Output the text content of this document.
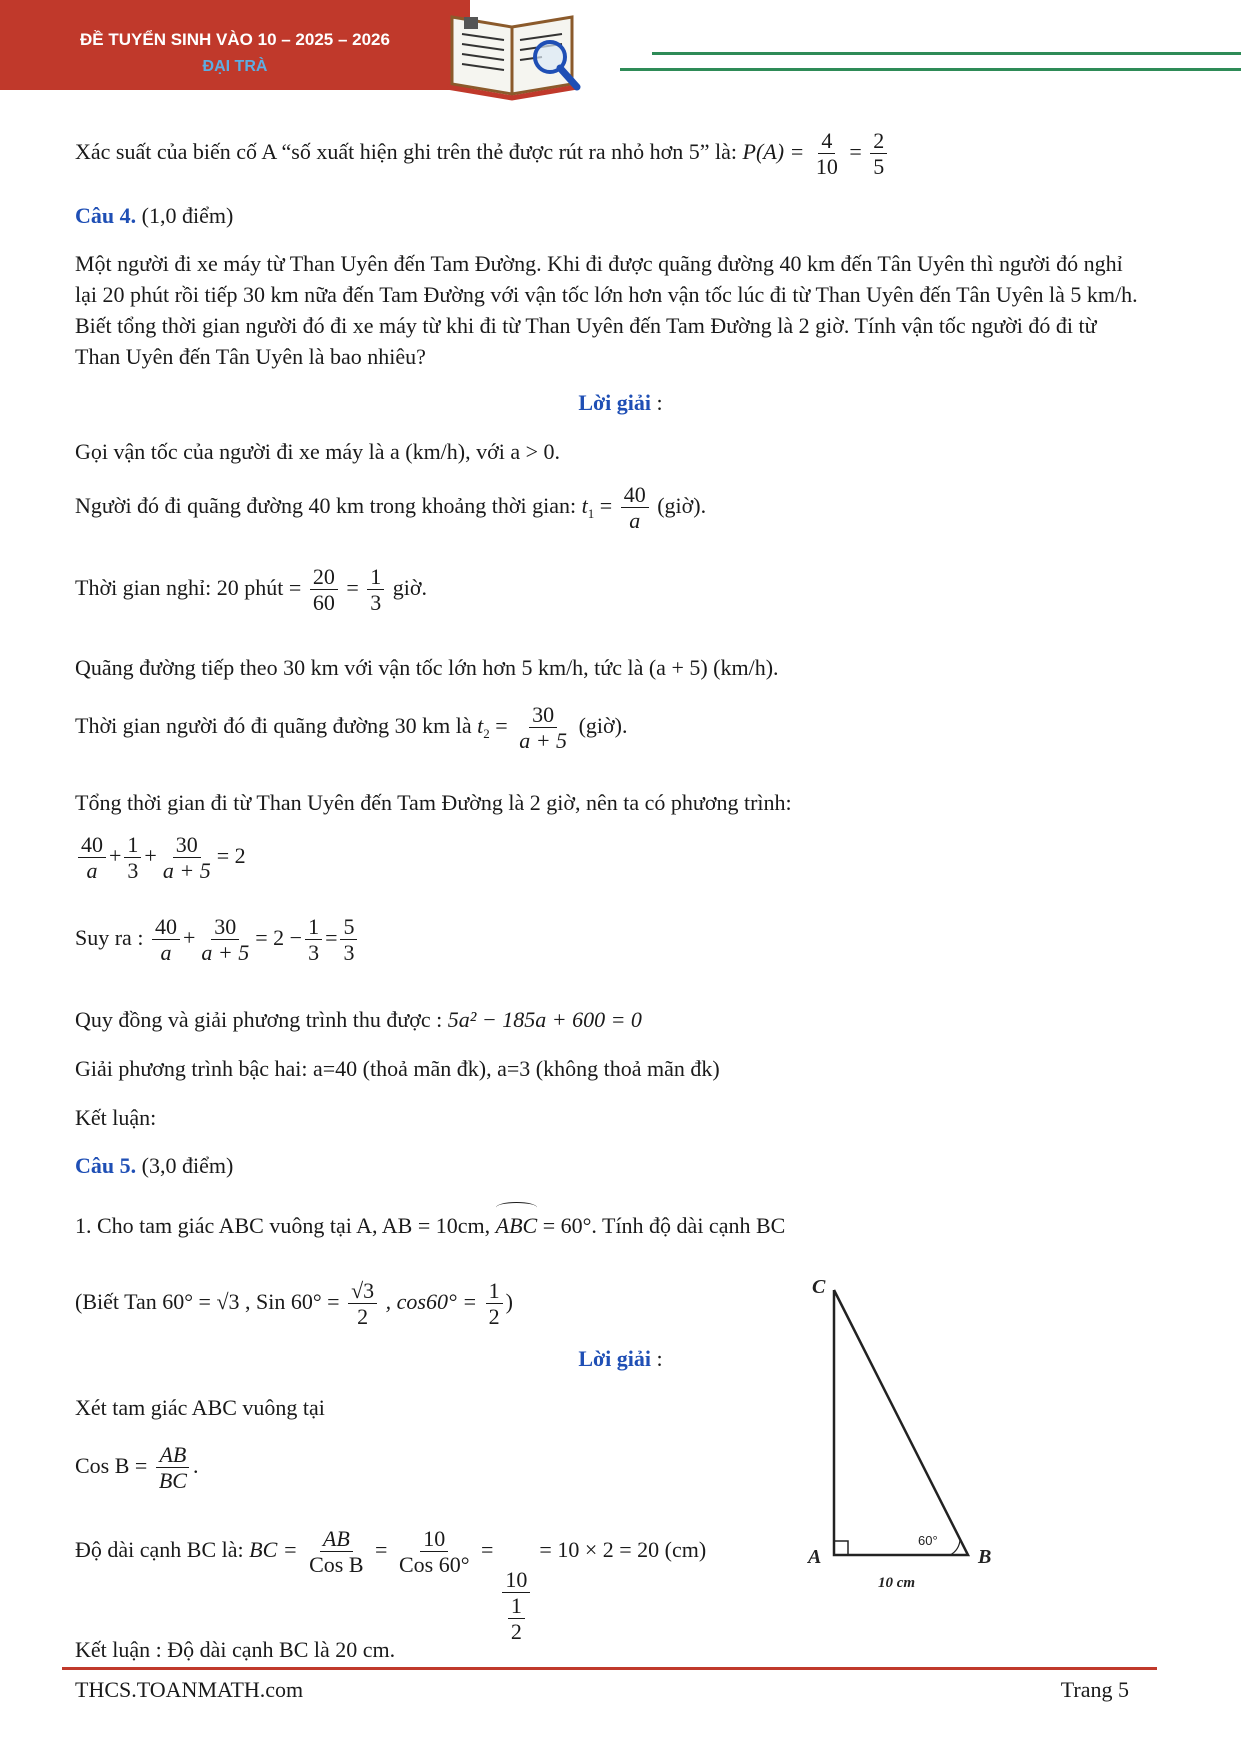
ĐỀ TUYỂN SINH VÀO 10 – 2025 – 2026
ĐẠI TRÀ
Xác suất của biến cố A “số xuất hiện ghi trên thẻ được rút ra nhỏ hơn 5” là: $P(A) = \frac{4}{10} = \frac{2}{5}$
Câu 4. (1,0 điểm)
Một người đi xe máy từ Than Uyên đến Tam Đường. Khi đi được quãng đường 40 km đến Tân Uyên thì người đó nghỉ lại 20 phút rồi tiếp 30 km nữa đến Tam Đường với vận tốc lớn hơn vận tốc lúc đi từ Than Uyên đến Tân Uyên là 5 km/h. Biết tổng thời gian người đó đi xe máy từ khi đi từ Than Uyên đến Tam Đường là 2 giờ. Tính vận tốc người đó đi từ Than Uyên đến Tân Uyên là bao nhiêu?
Lời giải :
Gọi vận tốc của người đi xe máy là a (km/h), với a > 0.
Người đó đi quãng đường 40 km trong khoảng thời gian: $t_1 = \frac{40}{a}$ (giờ).
Thời gian nghỉ: 20 phút = $\frac{20}{60} = \frac{1}{3}$ giờ.
Quãng đường tiếp theo 30 km với vận tốc lớn hơn 5 km/h, tức là (a + 5) (km/h).
Thời gian người đó đi quãng đường 30 km là $t_2 = \frac{30}{a + 5}$ (giờ).
Tổng thời gian đi từ Than Uyên đến Tam Đường là 2 giờ, nên ta có phương trình:
$\frac{40}{a} + \frac{1}{3} + \frac{30}{a + 5} = 2$
Suy ra : $\frac{40}{a} + \frac{30}{a + 5} = 2 - \frac{1}{3} = \frac{5}{3}$
Quy đồng và giải phương trình thu được : 5a² − 185a + 600 = 0
Giải phương trình bậc hai: a=40 (thoả mãn đk), a=3 (không thoả mãn đk)
Kết luận:
Câu 5. (3,0 điểm)
1. Cho tam giác ABC vuông tại A, AB = 10cm, ABC = 60°. Tính độ dài cạnh BC
(Biết Tan 60° = √3 , Sin $60^\circ = \frac{√3}{2}$ , $\cos 60^\circ = \frac{1}{2}$ )
Lời giải :
Xét tam giác ABC vuông tại
Cos $B = \frac{AB}{BC}$ .
Độ dài cạnh BC là: BC = $\frac{AB}{\text{Cos B}} = \frac{10}{\text{Cos 60°}}$ =
$\frac{10}{\frac{1}{2}}$
= 10 × 2 = 20 (cm)
Kết luận : Độ dài cạnh BC là 20 cm.
C
A	B
60°
10 cm
THCS.TOANMATH.com	Trang 5
